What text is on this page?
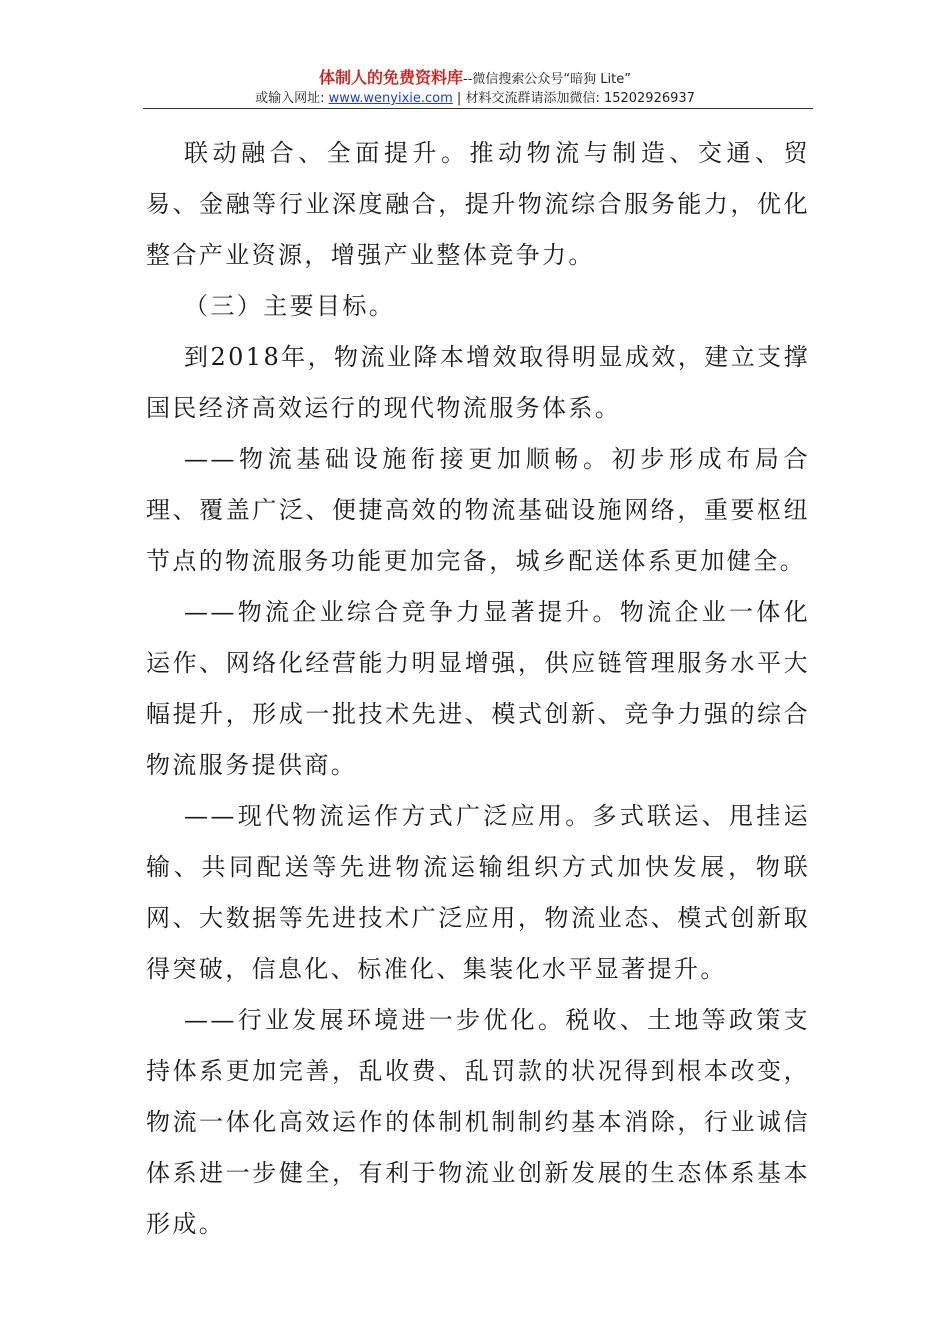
体制人的免费资料库--微信搜索公众号“暗狗 Lite”
或输入网址: www.wenyixie.com | 材料交流群请添加微信: 15202926937

联动融合、全面提升。推动物流与制造、交通、贸易、金融等行业深度融合，提升物流综合服务能力，优化整合产业资源，增强产业整体竞争力。

（三）主要目标。

到2018年，物流业降本增效取得明显成效，建立支撑国民经济高效运行的现代物流服务体系。

——物流基础设施衔接更加顺畅。初步形成布局合理、覆盖广泛、便捷高效的物流基础设施网络，重要枢纽节点的物流服务功能更加完备，城乡配送体系更加健全。

——物流企业综合竞争力显著提升。物流企业一体化运作、网络化经营能力明显增强，供应链管理服务水平大幅提升，形成一批技术先进、模式创新、竞争力强的综合物流服务提供商。

——现代物流运作方式广泛应用。多式联运、甩挂运输、共同配送等先进物流运输组织方式加快发展，物联网、大数据等先进技术广泛应用，物流业态、模式创新取得突破，信息化、标准化、集装化水平显著提升。

——行业发展环境进一步优化。税收、土地等政策支持体系更加完善，乱收费、乱罚款的状况得到根本改变，物流一体化高效运作的体制机制制约基本消除，行业诚信体系进一步健全，有利于物流业创新发展的生态体系基本形成。
